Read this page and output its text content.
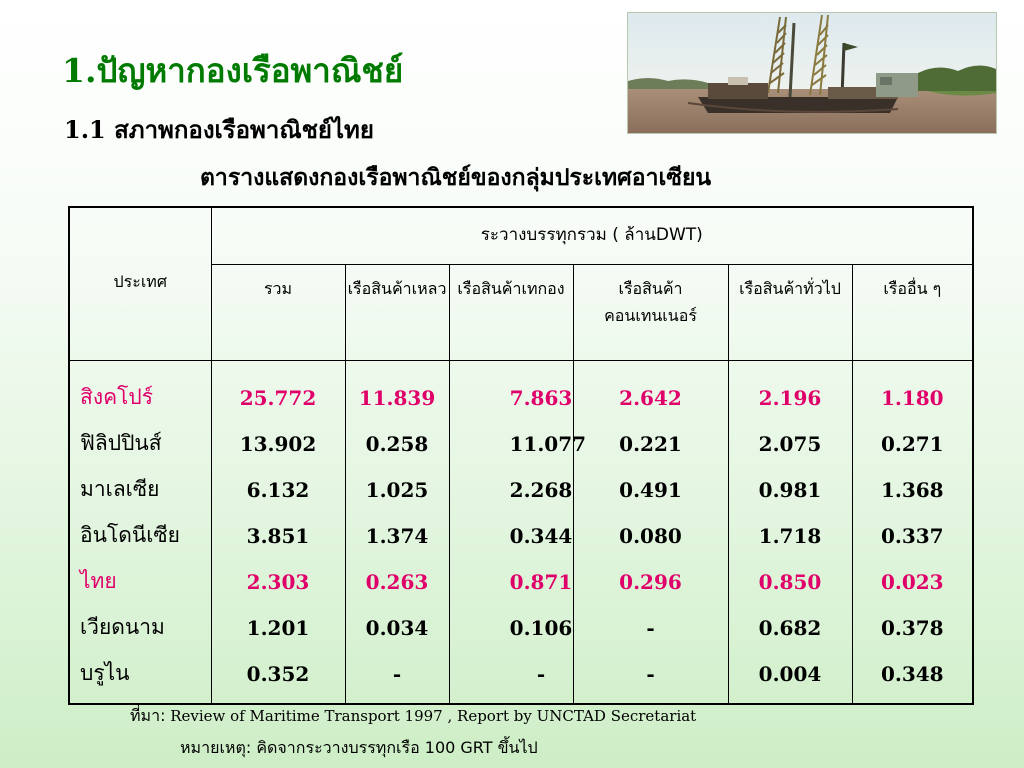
1.ปัญหากองเรือพาณิชย์
1.1 สภาพกองเรือพาณิชย์ไทย
ตารางแสดงกองเรือพาณิชย์ของกลุ่มประเทศอาเซียน
ประเทศ	ระวางบรรทุกรวม ( ล้านDWT)					
	รวม	เรือสินค้าเหลว	เรือสินค้าเทกอง	เรือสินค้าคอนเทนเนอร์	เรือสินค้าทั่วไป	เรืออื่น ๆ
สิงคโปร์	25.772	11.839	7.863	2.642	2.196	1.180
ฟิลิปปินส์	13.902	0.258	11.077	0.221	2.075	0.271
มาเลเซีย	6.132	1.025	2.268	0.491	0.981	1.368
อินโดนีเซีย	3.851	1.374	0.344	0.080	1.718	0.337
ไทย	2.303	0.263	0.871	0.296	0.850	0.023
เวียดนาม	1.201	0.034	0.106	-	0.682	0.378
บรูไน	0.352	-	-	-	0.004	0.348
ที่มา: Review of Maritime Transport 1997 , Report by UNCTAD Secretariat
หมายเหตุ: คิดจากระวางบรรทุกเรือ 100 GRT ขึ้นไป
